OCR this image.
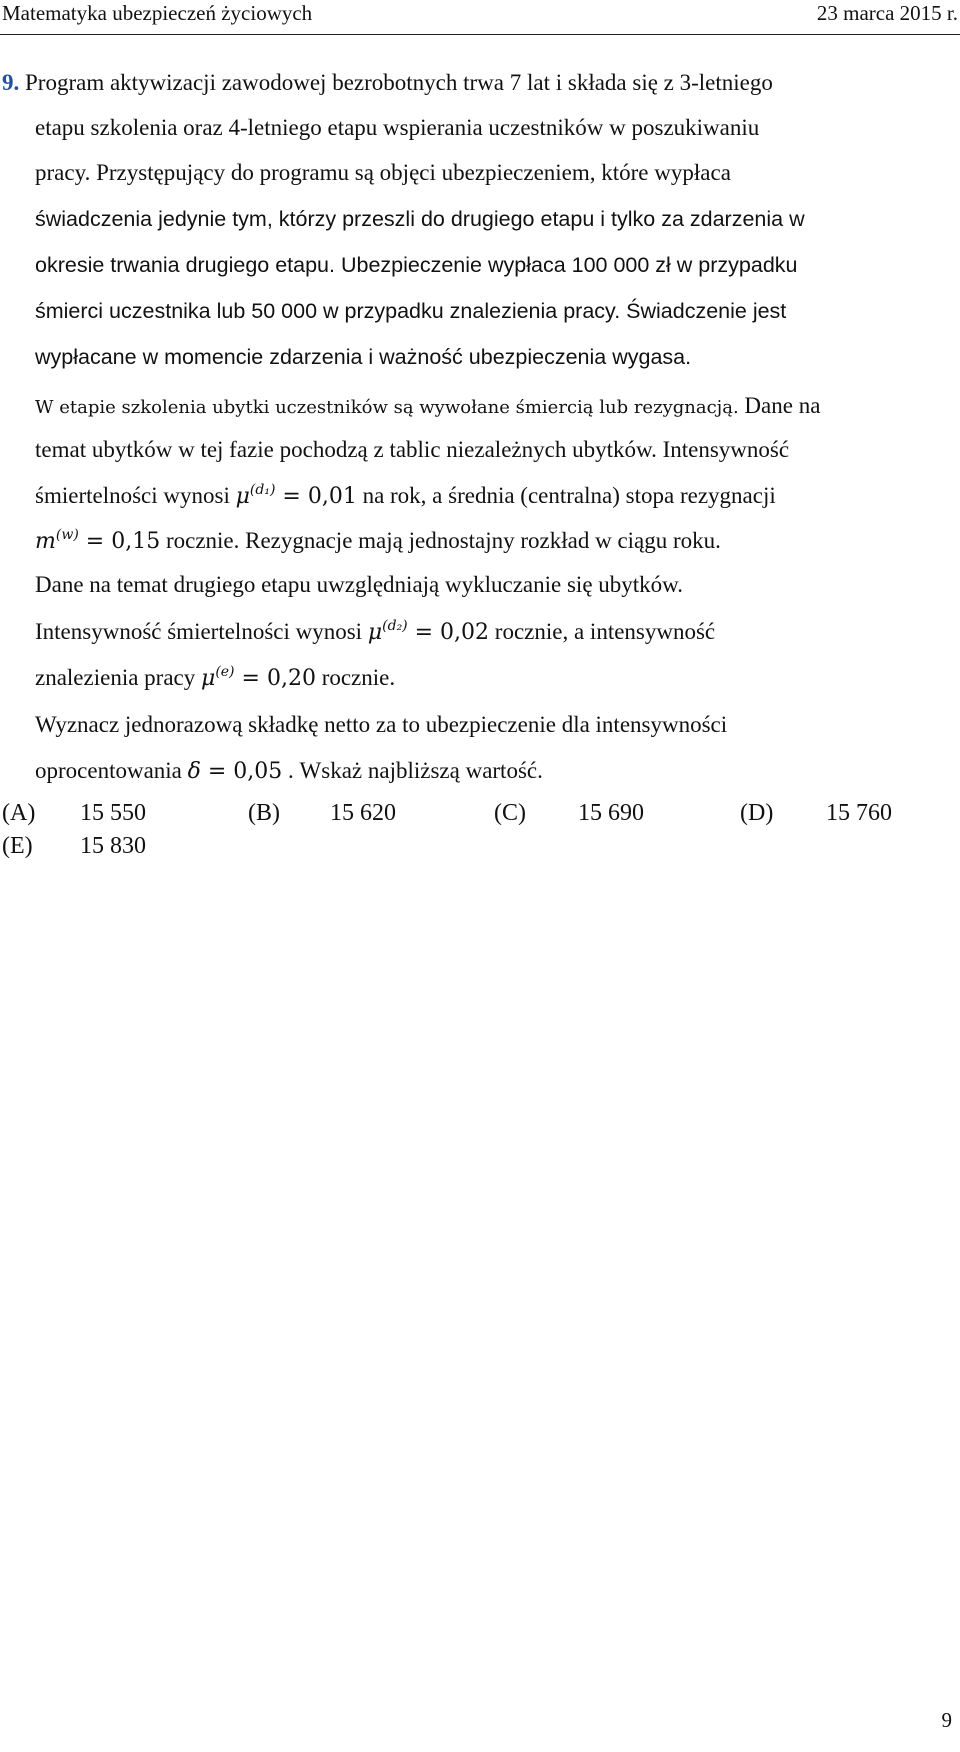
Matematyka ubezpieczeń życiowych	23 marca 2015 r.
9. Program aktywizacji zawodowej bezrobotnych trwa 7 lat i składa się z 3-letniego
etapu szkolenia oraz 4-letniego etapu wspierania uczestników w poszukiwaniu
pracy. Przystępujący do programu są objęci ubezpieczeniem, które wypłaca
świadczenia jedynie tym, którzy przeszli do drugiego etapu i tylko za zdarzenia w
okresie trwania drugiego etapu. Ubezpieczenie wypłaca 100 000 zł w przypadku
śmierci uczestnika lub 50 000 w przypadku znalezienia pracy. Świadczenie jest
wypłacane w momencie zdarzenia i ważność ubezpieczenia wygasa.
W etapie szkolenia ubytki uczestników są wywołane śmiercią lub rezygnacją. Dane na
temat ubytków w tej fazie pochodzą z tablic niezależnych ubytków. Intensywność
śmiertelności wynosi $\mu^{(d_1)} = 0,01$ na rok, a średnia (centralna) stopa rezygnacji
$m^{(w)} = 0,15$ rocznie. Rezygnacje mają jednostajny rozkład w ciągu roku.
Dane na temat drugiego etapu uwzględniają wykluczanie się ubytków.
Intensywność śmiertelności wynosi $\mu^{(d_2)} = 0,02$ rocznie, a intensywność
znalezienia pracy $\mu^{(e)} = 0,20$ rocznie.
Wyznacz jednorazową składkę netto za to ubezpieczenie dla intensywności
oprocentowania δ = 0,05 . Wskaż najbliższą wartość.
(A) 15 550	(B) 15 620	(C) 15 690	(D) 15 760
(E) 15 830
9
